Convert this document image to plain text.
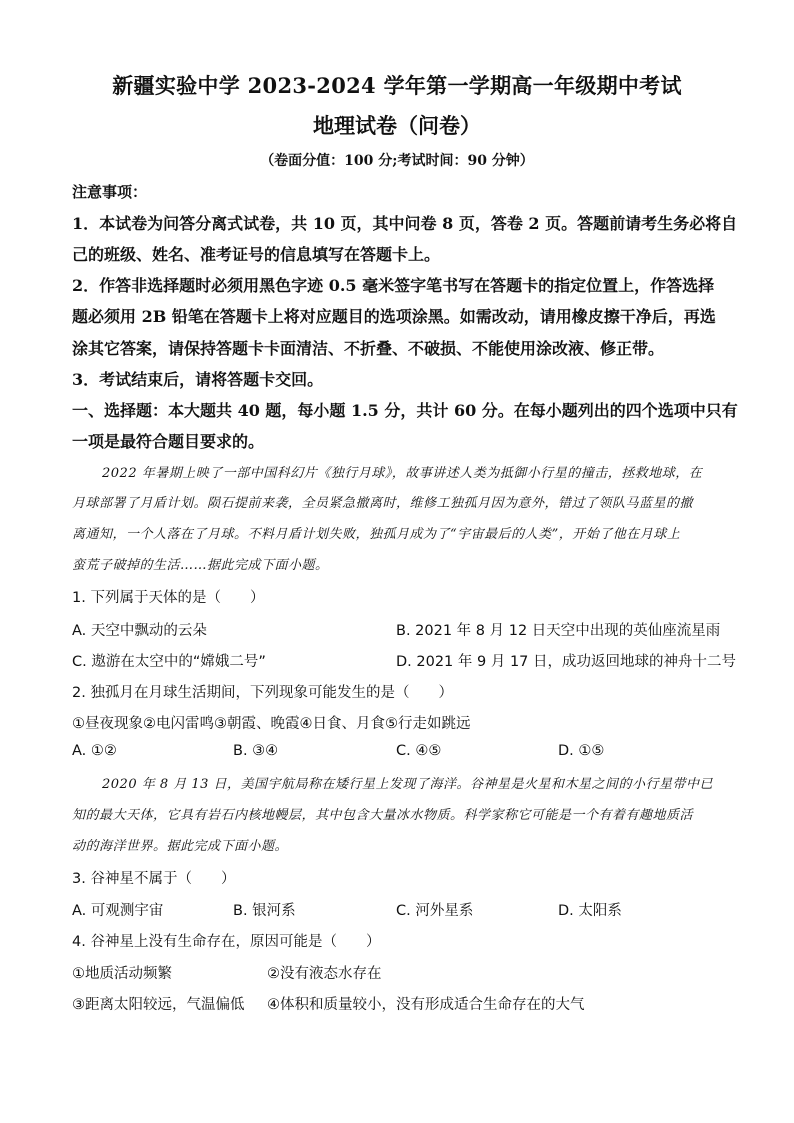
新疆实验中学 2023-2024 学年第一学期高一年级期中考试
地理试卷（问卷）
（卷面分值：100 分;考试时间：90 分钟）
注意事项：
1．本试卷为问答分离式试卷，共 10 页，其中问卷 8 页，答卷 2 页。答题前请考生务必将自
己的班级、姓名、准考证号的信息填写在答题卡上。
2．作答非选择题时必须用黑色字迹 0.5 毫米签字笔书写在答题卡的指定位置上，作答选择
题必须用 2B 铅笔在答题卡上将对应题目的选项涂黑。如需改动，请用橡皮擦干净后，再选
涂其它答案，请保持答题卡卡面清洁、不折叠、不破损、不能使用涂改液、修正带。
3．考试结束后，请将答题卡交回。
一、选择题：本大题共 40 题，每小题 1.5 分，共计 60 分。在每小题列出的四个选项中只有
一项是最符合题目要求的。
2022 年暑期上映了一部中国科幻片《独行月球》，故事讲述人类为抵御小行星的撞击，拯救地球，在
月球部署了月盾计划。陨石提前来袭，全员紧急撤离时，维修工独孤月因为意外，错过了领队马蓝星的撤
离通知，一个人落在了月球。不料月盾计划失败，独孤月成为了“宇宙最后的人类”，开始了他在月球上
蛮荒子破掉的生活……据此完成下面小题。
1. 下列属于天体的是（　　）
A. 天空中飘动的云朵	B. 2021 年 8 月 12 日天空中出现的英仙座流星雨
C. 遨游在太空中的“嫦娥二号”	D. 2021 年 9 月 17 日，成功返回地球的神舟十二号
2. 独孤月在月球生活期间，下列现象可能发生的是（　　）
①昼夜现象②电闪雷鸣③朝霞、晚霞④日食、月食⑤行走如跳远
A. ①②	B. ③④	C. ④⑤	D. ①⑤
2020 年 8 月 13 日，美国宇航局称在矮行星上发现了海洋。谷神星是火星和木星之间的小行星带中已
知的最大天体，它具有岩石内核地幔层，其中包含大量冰水物质。科学家称它可能是一个有着有趣地质活
动的海洋世界。据此完成下面小题。
3. 谷神星不属于（　　）
A. 可观测宇宙	B. 银河系	C. 河外星系	D. 太阳系
4. 谷神星上没有生命存在，原因可能是（　　）
①地质活动频繁	②没有液态水存在
③距离太阳较远，气温偏低 ④体积和质量较小，没有形成适合生命存在的大气
